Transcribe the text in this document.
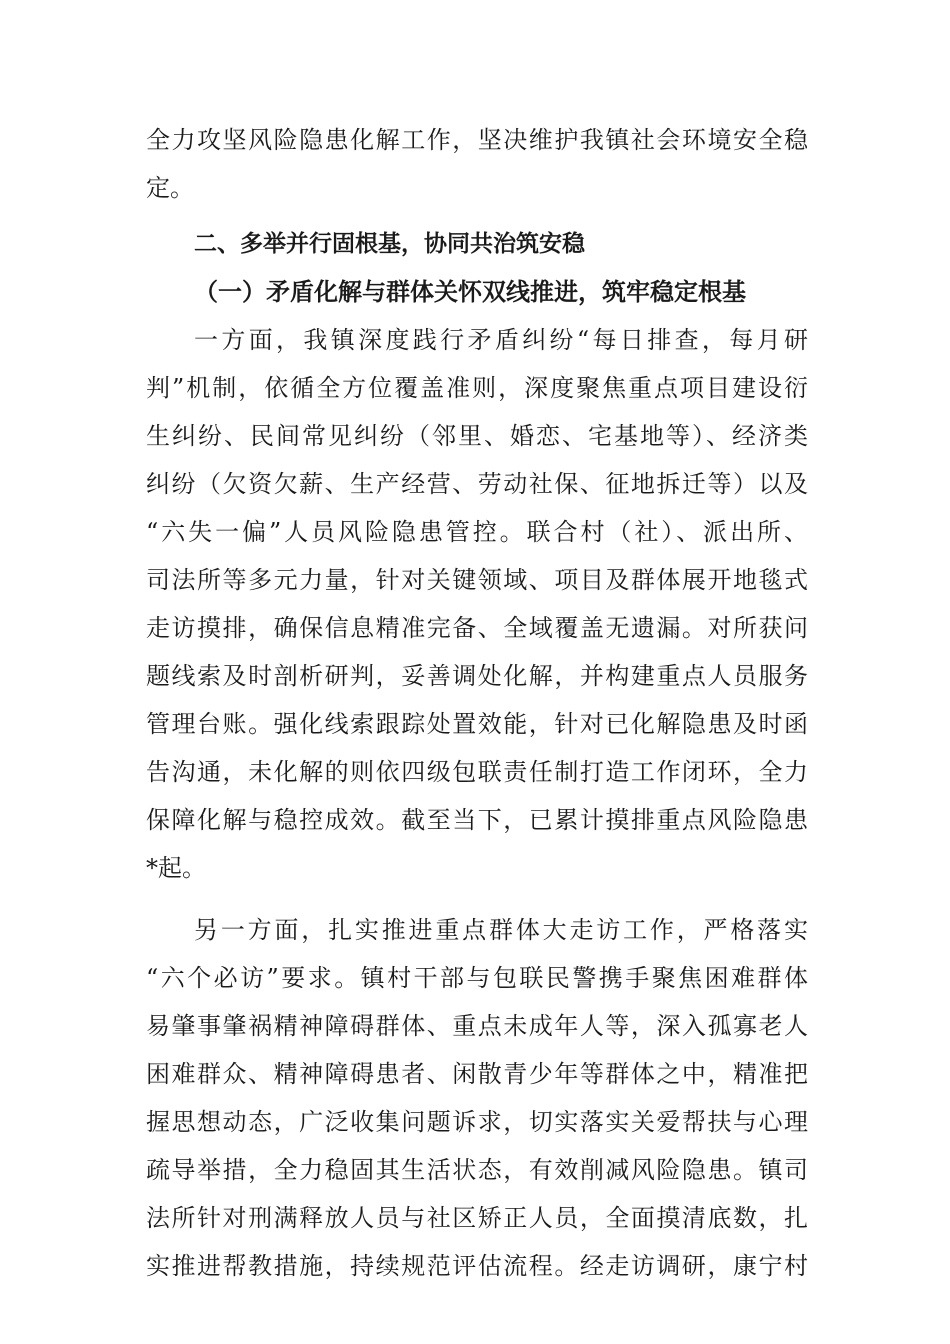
全力攻坚风险隐患化解工作，坚决维护我镇社会环境安全稳
定。
二、多举并行固根基，协同共治筑安稳
（一）矛盾化解与群体关怀双线推进，筑牢稳定根基
一方面，我镇深度践行矛盾纠纷“每日排查，每月研
判”机制，依循全方位覆盖准则，深度聚焦重点项目建设衍
生纠纷、民间常见纠纷（邻里、婚恋、宅基地等）、经济类
纠纷（欠资欠薪、生产经营、劳动社保、征地拆迁等）以及
“六失一偏”人员风险隐患管控。联合村（社）、派出所、
司法所等多元力量，针对关键领域、项目及群体展开地毯式
走访摸排，确保信息精准完备、全域覆盖无遗漏。对所获问
题线索及时剖析研判，妥善调处化解，并构建重点人员服务
管理台账。强化线索跟踪处置效能，针对已化解隐患及时函
告沟通，未化解的则依四级包联责任制打造工作闭环，全力
保障化解与稳控成效。截至当下，已累计摸排重点风险隐患
*起。
另一方面，扎实推进重点群体大走访工作，严格落实
“六个必访”要求。镇村干部与包联民警携手聚焦困难群体
易肇事肇祸精神障碍群体、重点未成年人等，深入孤寡老人
困难群众、精神障碍患者、闲散青少年等群体之中，精准把
握思想动态，广泛收集问题诉求，切实落实关爱帮扶与心理
疏导举措，全力稳固其生活状态，有效削减风险隐患。镇司
法所针对刑满释放人员与社区矫正人员，全面摸清底数，扎
实推进帮教措施，持续规范评估流程。经走访调研，康宁村
